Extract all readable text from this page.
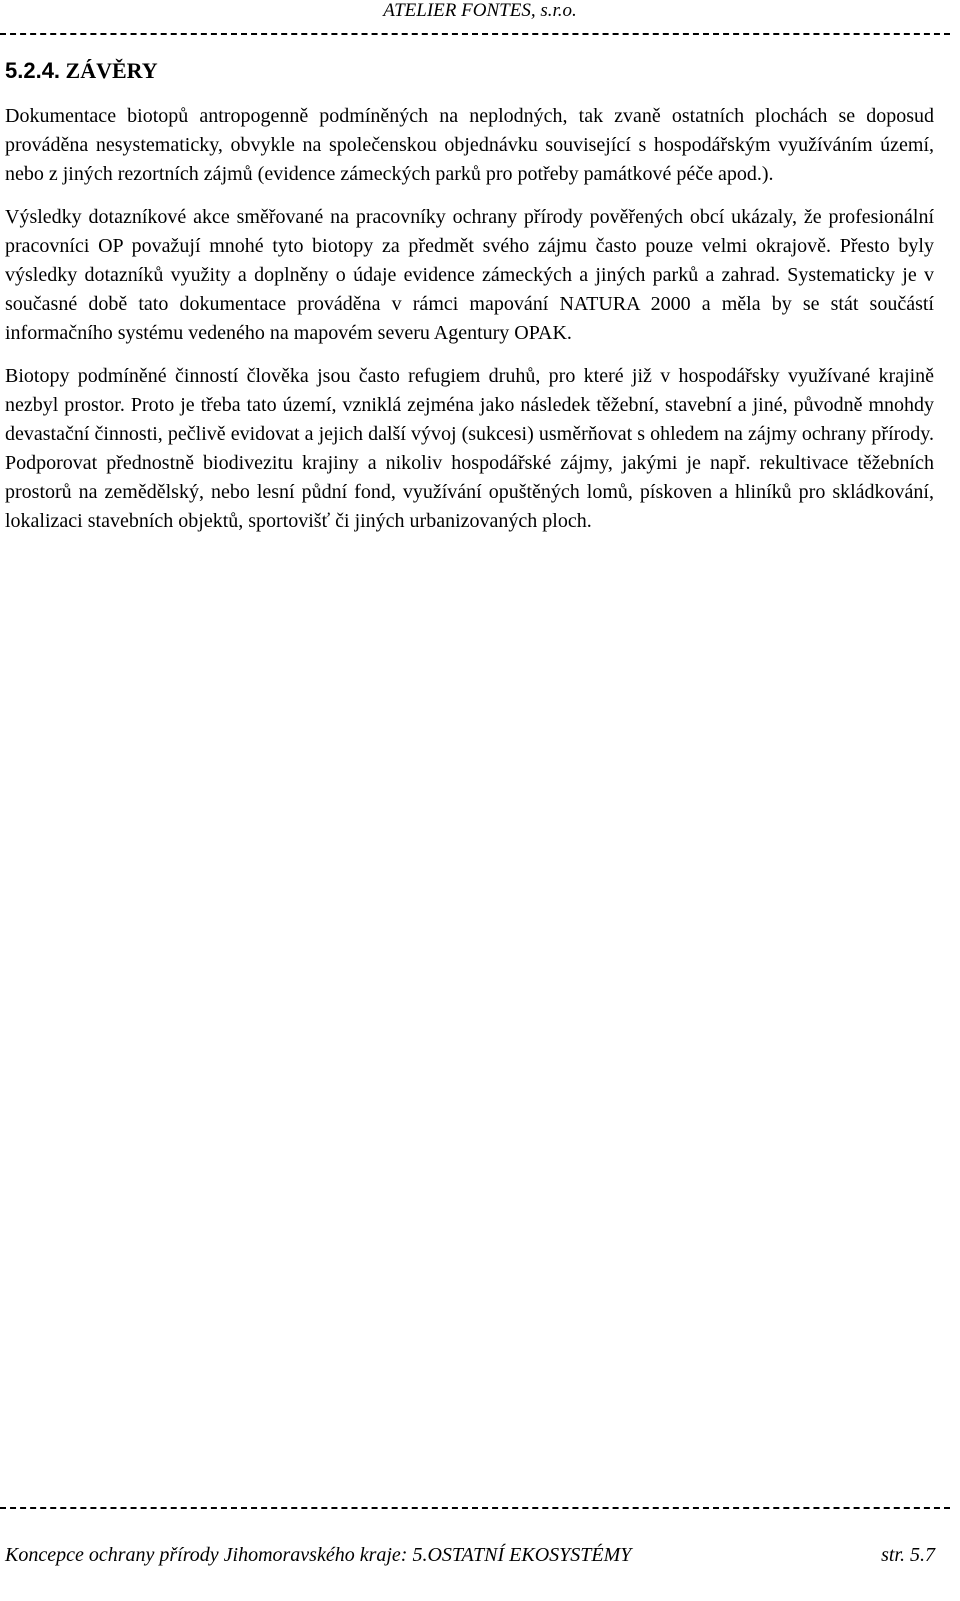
ATELIER FONTES, s.r.o.
5.2.4. ZÁVĚRY

Dokumentace biotopů antropogenně podmíněných na neplodných, tak zvaně ostatních plochách se doposud prováděna nesystematicky, obvykle na společenskou objednávku související s hospodářským využíváním území, nebo z jiných rezortních zájmů (evidence zámeckých parků pro potřeby památkové péče apod.).

Výsledky dotazníkové akce směřované na pracovníky ochrany přírody pověřených obcí ukázaly, že profesionální pracovníci OP považují mnohé tyto biotopy za předmět svého zájmu často pouze velmi okrajově. Přesto byly výsledky dotazníků využity a doplněny o údaje evidence zámeckých a jiných parků a zahrad. Systematicky je v současné době tato dokumentace prováděna v rámci mapování NATURA 2000 a měla by se stát součástí informačního systému vedeného na mapovém severu Agentury OPAK.

Biotopy podmíněné činností člověka jsou často refugiem druhů, pro které již v hospodářsky využívané krajině nezbyl prostor. Proto je třeba tato území, vzniklá zejména jako následek těžební, stavební a jiné, původně mnohdy devastační činnosti, pečlivě evidovat a jejich další vývoj (sukcesi) usměrňovat s ohledem na zájmy ochrany přírody. Podporovat přednostně biodivezitu krajiny a nikoliv hospodářské zájmy, jakými je např. rekultivace těžebních prostorů na zemědělský, nebo lesní půdní fond, využívání opuštěných lomů, pískoven a hliníků pro skládkování, lokalizaci stavebních objektů, sportovišť či jiných urbanizovaných ploch.

Koncepce ochrany přírody Jihomoravského kraje: 5.OSTATNÍ EKOSYSTÉMY	str. 5.7
